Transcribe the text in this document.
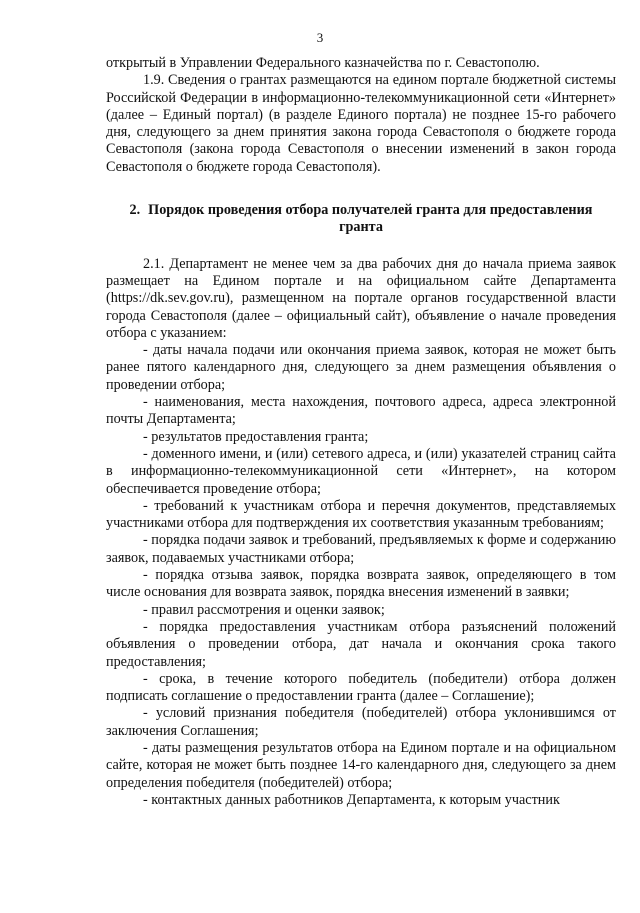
3

открытый в Управлении Федерального казначейства по г. Севастополю.

1.9. Сведения о грантах размещаются на едином портале бюджетной системы Российской Федерации в информационно-телекоммуникационной сети «Интернет» (далее – Единый портал) (в разделе Единого портала) не позднее 15-го рабочего дня, следующего за днем принятия закона города Севастополя о бюджете города Севастополя (закона города Севастополя о внесении изменений в закон города Севастополя о бюджете города Севастополя).

2. Порядок проведения отбора получателей гранта для предоставления гранта

2.1. Департамент не менее чем за два рабочих дня до начала приема заявок размещает на Едином портале и на официальном сайте Департамента (https://dk.sev.gov.ru), размещенном на портале органов государственной власти города Севастополя (далее – официальный сайт), объявление о начале проведения отбора с указанием:

- даты начала подачи или окончания приема заявок, которая не может быть ранее пятого календарного дня, следующего за днем размещения объявления о проведении отбора;

- наименования, места нахождения, почтового адреса, адреса электронной почты Департамента;

- результатов предоставления гранта;

- доменного имени, и (или) сетевого адреса, и (или) указателей страниц сайта в информационно-телекоммуникационной сети «Интернет», на котором обеспечивается проведение отбора;

- требований к участникам отбора и перечня документов, представляемых участниками отбора для подтверждения их соответствия указанным требованиям;

- порядка подачи заявок и требований, предъявляемых к форме и содержанию заявок, подаваемых участниками отбора;

- порядка отзыва заявок, порядка возврата заявок, определяющего в том числе основания для возврата заявок, порядка внесения изменений в заявки;

- правил рассмотрения и оценки заявок;

- порядка предоставления участникам отбора разъяснений положений объявления о проведении отбора, дат начала и окончания срока такого предоставления;

- срока, в течение которого победитель (победители) отбора должен подписать соглашение о предоставлении гранта (далее – Соглашение);

- условий признания победителя (победителей) отбора уклонившимся от заключения Соглашения;

- даты размещения результатов отбора на Едином портале и на официальном сайте, которая не может быть позднее 14-го календарного дня, следующего за днем определения победителя (победителей) отбора;

- контактных данных работников Департамента, к которым участник
